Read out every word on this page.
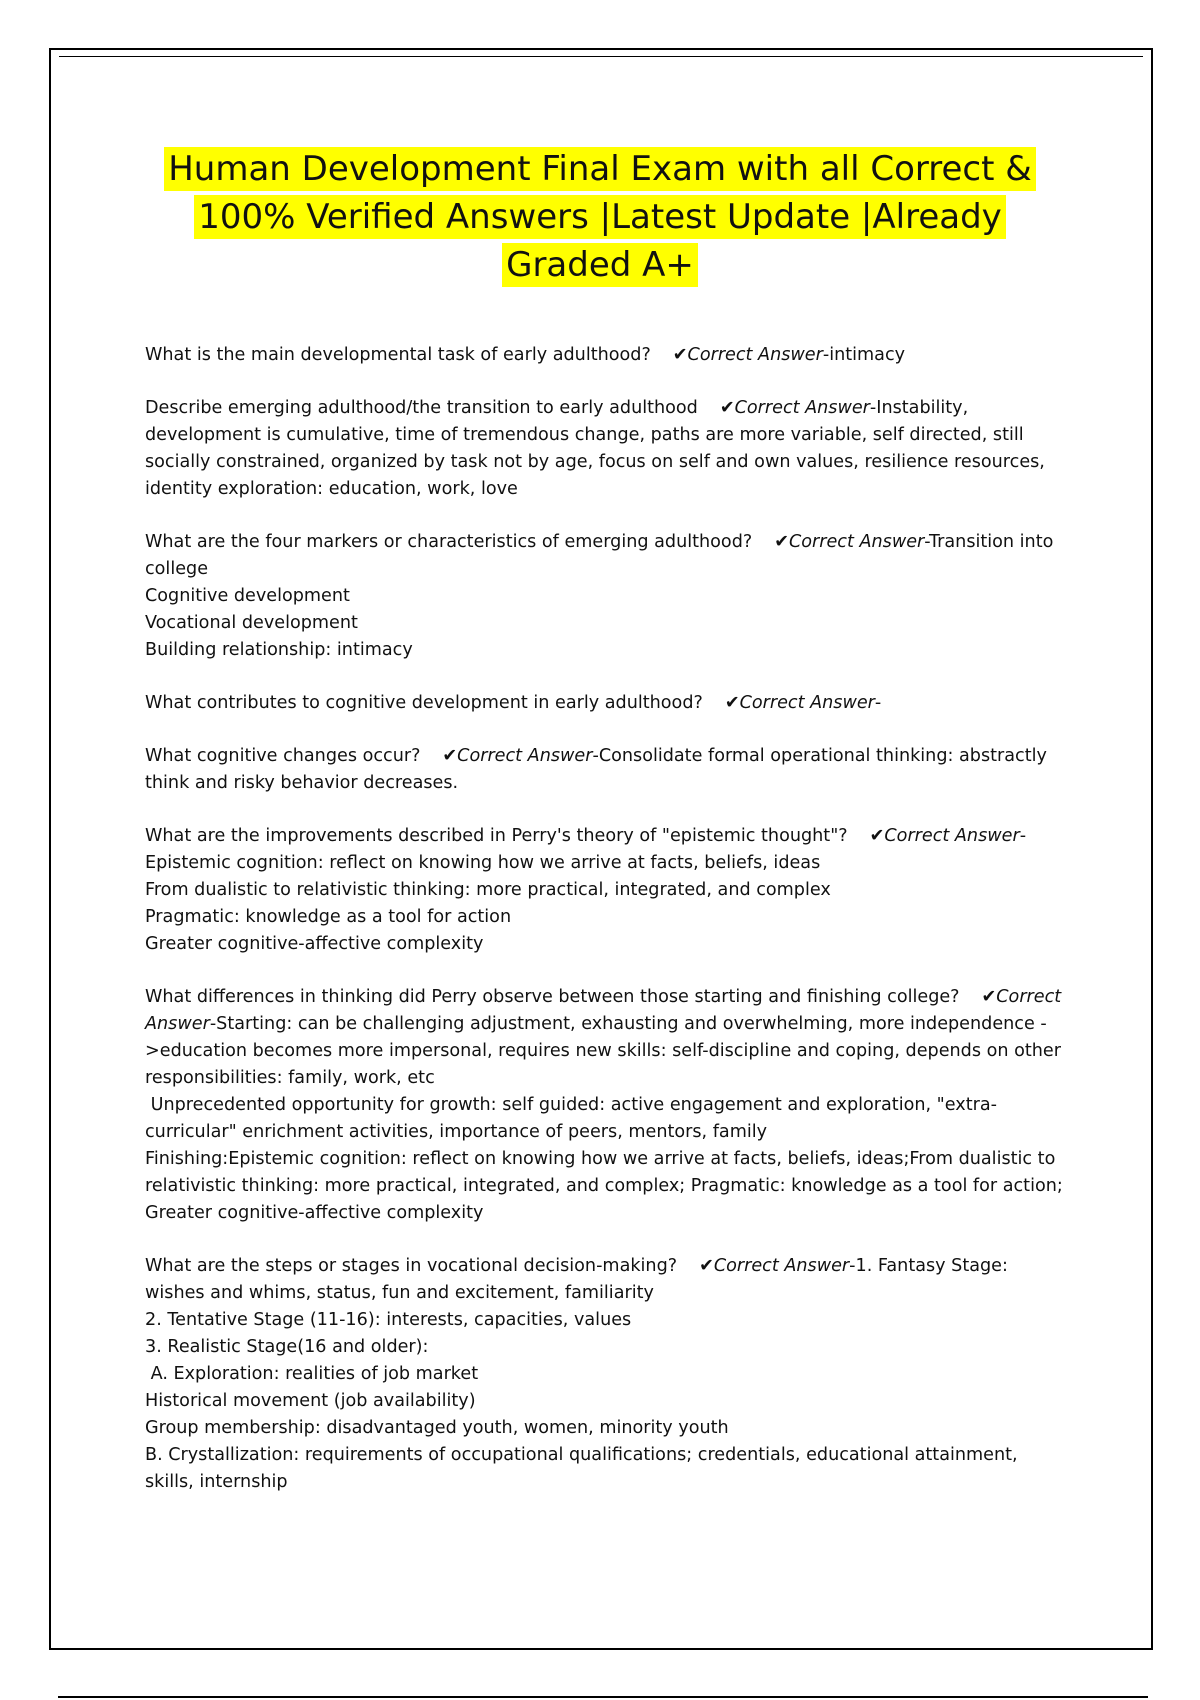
Human Development Final Exam with all Correct &
100% Verified Answers |Latest Update |Already
Graded A+
What is the main developmental task of early adulthood? ✔Correct Answer-intimacy
Describe emerging adulthood/the transition to early adulthood ✔Correct Answer-Instability, development is cumulative, time of tremendous change, paths are more variable, self directed, still socially constrained, organized by task not by age, focus on self and own values, resilience resources, identity exploration: education, work, love
What are the four markers or characteristics of emerging adulthood? ✔Correct Answer-Transition into college
Cognitive development
Vocational development
Building relationship: intimacy
What contributes to cognitive development in early adulthood? ✔Correct Answer-
What cognitive changes occur? ✔Correct Answer-Consolidate formal operational thinking: abstractly think and risky behavior decreases.
What are the improvements described in Perry's theory of "epistemic thought"? ✔Correct Answer-
Epistemic cognition: reflect on knowing how we arrive at facts, beliefs, ideas
From dualistic to relativistic thinking: more practical, integrated, and complex
Pragmatic: knowledge as a tool for action
Greater cognitive-affective complexity
What differences in thinking did Perry observe between those starting and finishing college? ✔Correct Answer-Starting: can be challenging adjustment, exhausting and overwhelming, more independence ->education becomes more impersonal, requires new skills: self-discipline and coping, depends on other responsibilities: family, work, etc
Unprecedented opportunity for growth: self guided: active engagement and exploration, "extra-curricular" enrichment activities, importance of peers, mentors, family
Finishing:Epistemic cognition: reflect on knowing how we arrive at facts, beliefs, ideas;From dualistic to relativistic thinking: more practical, integrated, and complex; Pragmatic: knowledge as a tool for action; Greater cognitive-affective complexity
What are the steps or stages in vocational decision-making? ✔Correct Answer-1. Fantasy Stage: wishes and whims, status, fun and excitement, familiarity
2. Tentative Stage (11-16): interests, capacities, values
3. Realistic Stage(16 and older):
A. Exploration: realities of job market
Historical movement (job availability)
Group membership: disadvantaged youth, women, minority youth
B. Crystallization: requirements of occupational qualifications; credentials, educational attainment, skills, internship
